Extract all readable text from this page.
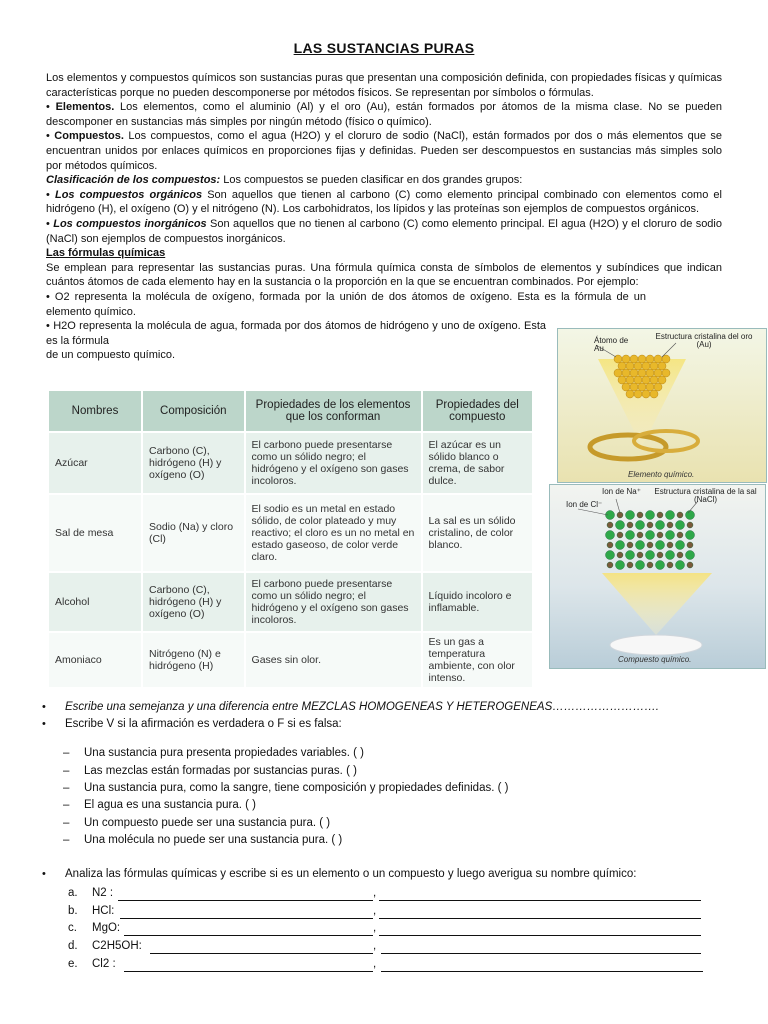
LAS SUSTANCIAS PURAS

Los elementos y compuestos químicos son sustancias puras que presentan una composición definida, con propiedades físicas y químicas características porque no pueden descomponerse por métodos físicos. Se representan por símbolos o fórmulas.

• Elementos. Los elementos, como el aluminio (Al) y el oro (Au), están formados por átomos de la misma clase. No se pueden descomponer en sustancias más simples por ningún método (físico o químico).

• Compuestos. Los compuestos, como el agua (H2O) y el cloruro de sodio (NaCl), están formados por dos o más elementos que se encuentran unidos por enlaces químicos en proporciones fijas y definidas. Pueden ser descompuestos en sustancias más simples solo por métodos químicos.

Clasificación de los compuestos: Los compuestos se pueden clasificar en dos grandes grupos:

• Los compuestos orgánicos Son aquellos que tienen al carbono (C) como elemento principal combinado con elementos como el hidrógeno (H), el oxígeno (O) y el nitrógeno (N). Los carbohidratos, los lípidos y las proteínas son ejemplos de compuestos orgánicos.

• Los compuestos inorgánicos Son aquellos que no tienen al carbono (C) como elemento principal. El agua (H2O) y el cloruro de sodio (NaCl) son ejemplos de compuestos inorgánicos.

Las fórmulas químicas

Se emplean para representar las sustancias puras. Una fórmula química consta de símbolos de elementos y subíndices que indican cuántos átomos de cada elemento hay en la sustancia o la proporción en la que se encuentran combinados. Por ejemplo:

• O2 representa la molécula de oxígeno, formada por la unión de dos átomos de oxígeno. Esta es la fórmula de un elemento químico.

• H2O representa la molécula de agua, formada por dos átomos de hidrógeno y uno de oxígeno. Esta es la fórmula

de un compuesto químico.

Nombres	Composición	Propiedades de los elementos que los conforman	Propiedades del compuesto
Azúcar	Carbono (C), hidrógeno (H) y oxígeno (O)	El carbono puede presentarse como un sólido negro; el hidrógeno y el oxígeno son gases incoloros.	El azúcar es un sólido blanco o crema, de sabor dulce.
Sal de mesa	Sodio (Na) y cloro (Cl)	El sodio es un metal en estado sólido, de color plateado y muy reactivo; el cloro es un no metal en estado gaseoso, de color verde claro.	La sal es un sólido cristalino, de color blanco.
Alcohol	Carbono (C), hidrógeno (H) y oxígeno (O)	El carbono puede presentarse como un sólido negro; el hidrógeno y el oxígeno son gases incoloros.	Líquido incoloro e inflamable.
Amoniaco	Nitrógeno (N) e hidrógeno (H)	Gases sin olor.	Es un gas a temperatura ambiente, con olor intenso.
Átomo de Au
Estructura cristalina del oro (Au)
Elemento químico.
Ion de Na⁺
Ion de Cl⁻
Estructura cristalina de la sal (NaCl)
Compuesto químico.
•	Escribe una semejanza y una diferencia entre MEZCLAS HOMOGENEAS Y HETEROGENEAS……………………….
•	Escribe V si la afirmación es verdadera o F si es falsa:
–	Una sustancia pura presenta propiedades variables. ( )
–	Las mezclas están formadas por sustancias puras. ( )
–	Una sustancia pura, como la sangre, tiene composición y propiedades definidas. ( )
–	El agua es una sustancia pura. ( )
–	Un compuesto puede ser una sustancia pura. ( )
–	Una molécula no puede ser una sustancia pura. ( )
•	Analiza las fórmulas químicas y escribe si es un elemento o un compuesto y luego averigua su nombre químico:
a. N2 :	,
b. HCl:	,
c. MgO:	,
d. C2H5OH:	,
e. Cl2 :	,
